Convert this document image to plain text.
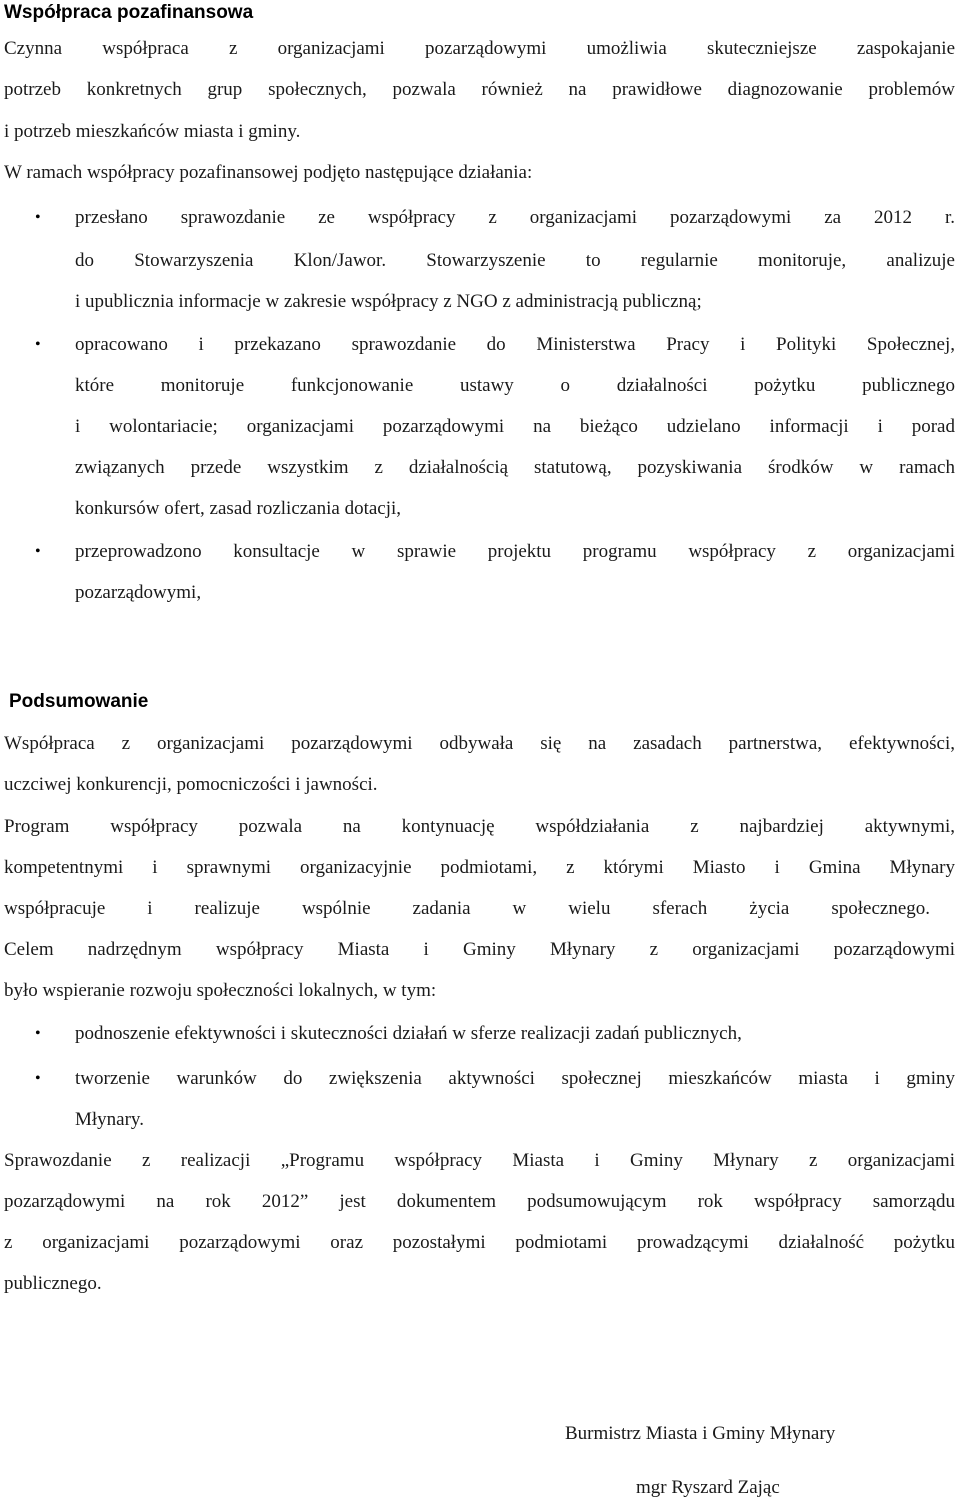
Współpraca pozafinansowa
Czynna współpraca z organizacjami pozarządowymi umożliwia skuteczniejsze zaspokajanie
potrzeb konkretnych grup społecznych, pozwala również na prawidłowe diagnozowanie problemów
i potrzeb mieszkańców miasta i gminy.
W ramach współpracy pozafinansowej podjęto następujące działania:
• przesłano sprawozdanie ze współpracy z organizacjami pozarządowymi za 2012 r.
do Stowarzyszenia Klon/Jawor. Stowarzyszenie to regularnie monitoruje, analizuje
i upublicznia informacje w zakresie współpracy z NGO z administracją publiczną;
• opracowano i przekazano sprawozdanie do Ministerstwa Pracy i Polityki Społecznej,
które monitoruje funkcjonowanie ustawy o działalności pożytku publicznego
i wolontariacie; organizacjami pozarządowymi na bieżąco udzielano informacji i porad
związanych przede wszystkim z działalnością statutową, pozyskiwania środków w ramach
konkursów ofert, zasad rozliczania dotacji,
• przeprowadzono konsultacje w sprawie projektu programu współpracy z organizacjami
pozarządowymi,
Podsumowanie
Współpraca z organizacjami pozarządowymi odbywała się na zasadach partnerstwa, efektywności,
uczciwej konkurencji, pomocniczości i jawności.
Program współpracy pozwala na kontynuację współdziałania z najbardziej aktywnymi,
kompetentnymi i sprawnymi organizacyjnie podmiotami, z którymi Miasto i Gmina Młynary
współpracuje i realizuje wspólnie zadania w wielu sferach życia społecznego.
Celem nadrzędnym współpracy Miasta i Gminy Młynary z organizacjami pozarządowymi
było wspieranie rozwoju społeczności lokalnych, w tym:
• podnoszenie efektywności i skuteczności działań w sferze realizacji zadań publicznych,
• tworzenie warunków do zwiększenia aktywności społecznej mieszkańców miasta i gminy
Młynary.
Sprawozdanie z realizacji „Programu współpracy Miasta i Gminy Młynary z organizacjami
pozarządowymi na rok 2012” jest dokumentem podsumowującym rok współpracy samorządu
z organizacjami pozarządowymi oraz pozostałymi podmiotami prowadzącymi działalność pożytku
publicznego.
Burmistrz Miasta i Gminy Młynary
mgr Ryszard Zając
